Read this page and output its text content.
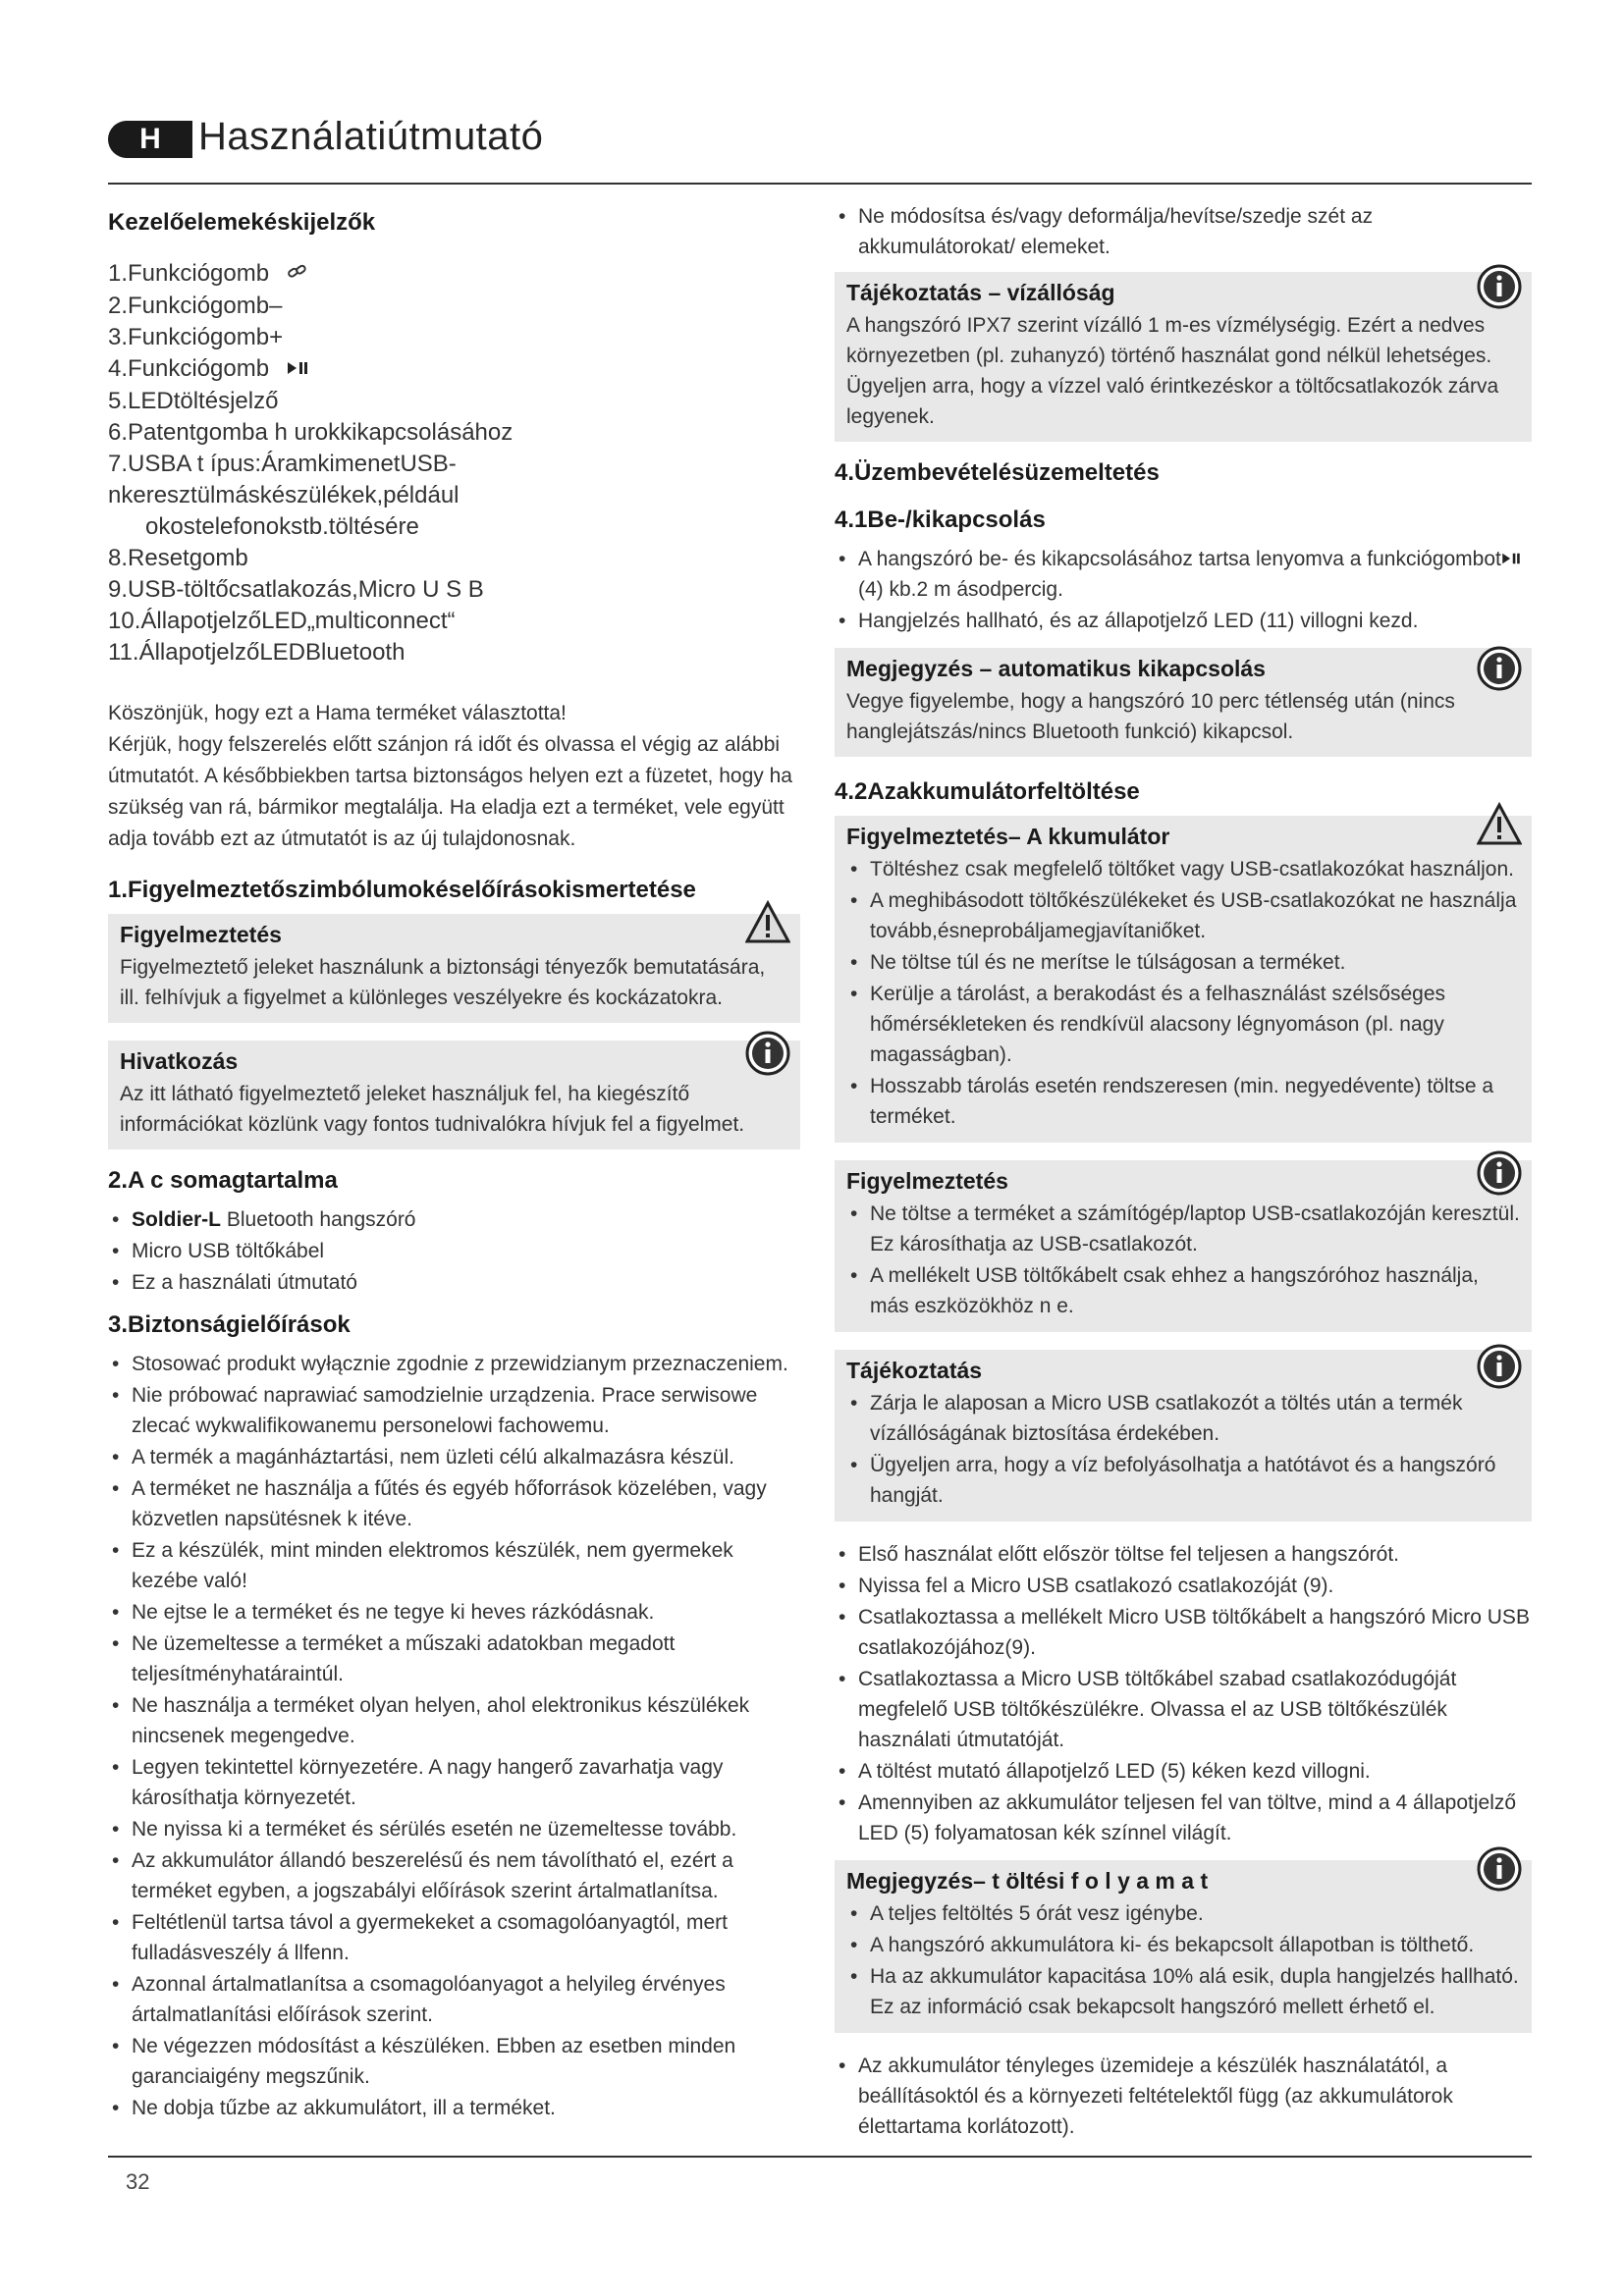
H Használatiútmutató
Kezelőelemekéskijelzők
1.Funkciógomb
2.Funkciógomb–
3.Funkciógomb+
4.Funkciógomb
5.LEDtöltésjelző
6.Patentgomba h urokkikapcsolásához
7.USBA t ípus:ÁramkimenetUSB-nkeresztülmáskészülékek,például
okostelefonokstb.töltésére
8.Resetgomb
9.USB-töltőcsatlakozás,Micro U S B
10.ÁllapotjelzőLED„multiconnect“
11.ÁllapotjelzőLEDBluetooth

Köszönjük, hogy ezt a Hama terméket választotta!

Kérjük, hogy felszerelés előtt szánjon rá időt és olvassa el végig az alábbi útmutatót. A későbbiekben tartsa biztonságos helyen ezt a füzetet, hogy ha szükség van rá, bármikor megtalálja. Ha eladja ezt a terméket, vele együtt adja tovább ezt az útmutatót is az új tulajdonosnak.

1.Figyelmeztetőszimbólumokéselőírásokismertetése
Figyelmeztetés
Figyelmeztető jeleket használunk a biztonsági tényezők bemutatására, ill. felhívjuk a figyelmet a különleges veszélyekre és kockázatokra.
Hivatkozás
Az itt látható figyelmeztető jeleket használjuk fel, ha kiegészítő információkat közlünk vagy fontos tudnivalókra hívjuk fel a figyelmet.
2.A c somagtartalma
• Soldier-L Bluetooth hangszóró
• Micro USB töltőkábel
• Ez a használati útmutató
3.Biztonságielőírások
• Stosować produkt wyłącznie zgodnie z przewidzianym przeznaczeniem.
• Nie próbować naprawiać samodzielnie urządzenia. Prace serwisowe zlecać wykwalifikowanemu personelowi fachowemu.
• A termék a magánháztartási, nem üzleti célú alkalmazásra készül.
• A terméket ne használja a fűtés és egyéb hőforrások közelében, vagy közvetlen napsütésnek k itéve.
• Ez a készülék, mint minden elektromos készülék, nem gyermekek kezébe való!
• Ne ejtse le a terméket és ne tegye ki heves rázkódásnak.
• Ne üzemeltesse a terméket a műszaki adatokban megadott teljesítményhatáraintúl.
• Ne használja a terméket olyan helyen, ahol elektronikus készülékek nincsenek megengedve.
• Legyen tekintettel környezetére. A nagy hangerő zavarhatja vagy károsíthatja környezetét.
• Ne nyissa ki a terméket és sérülés esetén ne üzemeltesse tovább.
• Az akkumulátor állandó beszerelésű és nem távolítható el, ezért a terméket egyben, a jogszabályi előírások szerint ártalmatlanítsa.
• Feltétlenül tartsa távol a gyermekeket a csomagolóanyagtól, mert fulladásveszély á llfenn.
• Azonnal ártalmatlanítsa a csomagolóanyagot a helyileg érvényes ártalmatlanítási előírások szerint.
• Ne végezzen módosítást a készüléken. Ebben az esetben minden garanciaigény megszűnik.
• Ne dobja tűzbe az akkumulátort, ill a terméket.
• Ne módosítsa és/vagy deformálja/hevítse/szedje szét az akkumulátorokat/ elemeket.
Tájékoztatás – vízállóság
A hangszóró IPX7 szerint vízálló 1 m-es vízmélységig. Ezért a nedves környezetben (pl. zuhanyzó) történő használat gond nélkül lehetséges. Ügyeljen arra, hogy a vízzel való érintkezéskor a töltőcsatlakozók zárva legyenek.
4.Üzembevételésüzemeltetés
4.1Be-/kikapcsolás
• A hangszóró be- és kikapcsolásához tartsa lenyomva a funkciógombot (4) kb.2 m ásodpercig.
• Hangjelzés hallható, és az állapotjelző LED (11) villogni kezd.
Megjegyzés – automatikus kikapcsolás
Vegye figyelembe, hogy a hangszóró 10 perc tétlenség után (nincs hanglejátszás/nincs Bluetooth funkció) kikapcsol.
4.2Azakkumulátorfeltöltése
Figyelmeztetés– A kkumulátor
• Töltéshez csak megfelelő töltőket vagy USB-csatlakozókat használjon.
• A meghibásodott töltőkészülékeket és USB-csatlakozókat ne használja tovább,ésneprobáljamegjavítaniőket.
• Ne töltse túl és ne merítse le túlságosan a terméket.
• Kerülje a tárolást, a berakodást és a felhasználást szélsőséges hőmérsékleteken és rendkívül alacsony légnyomáson (pl. nagy magasságban).
• Hosszabb tárolás esetén rendszeresen (min. negyedévente) töltse a terméket.
Figyelmeztetés
• Ne töltse a terméket a számítógép/laptop USB-csatlakozóján keresztül. Ez károsíthatja az USB-csatlakozót.
• A mellékelt USB töltőkábelt csak ehhez a hangszóróhoz használja, más eszközökhöz n e.
Tájékoztatás
• Zárja le alaposan a Micro USB csatlakozót a töltés után a termék vízállóságának biztosítása érdekében.
• Ügyeljen arra, hogy a víz befolyásolhatja a hatótávot és a hangszóró hangját.
• Első használat előtt először töltse fel teljesen a hangszórót.
• Nyissa fel a Micro USB csatlakozó csatlakozóját (9).
• Csatlakoztassa a mellékelt Micro USB töltőkábelt a hangszóró Micro USB csatlakozójához(9).
• Csatlakoztassa a Micro USB töltőkábel szabad csatlakozódugóját megfelelő USB töltőkészülékre. Olvassa el az USB töltőkészülék használati útmutatóját.
• A töltést mutató állapotjelző LED (5) kéken kezd villogni.
• Amennyiben az akkumulátor teljesen fel van töltve, mind a 4 állapotjelző LED (5) folyamatosan kék színnel világít.
Megjegyzés– t öltési f o l y a m a t
• A teljes feltöltés 5 órát vesz igénybe.
• A hangszóró akkumulátora ki- és bekapcsolt állapotban is tölthető.
• Ha az akkumulátor kapacitása 10% alá esik, dupla hangjelzés hallható. Ez az információ csak bekapcsolt hangszóró mellett érhető el.
• Az akkumulátor tényleges üzemideje a készülék használatától, a beállításoktól és a környezeti feltételektől függ (az akkumulátorok élettartama korlátozott).
32
